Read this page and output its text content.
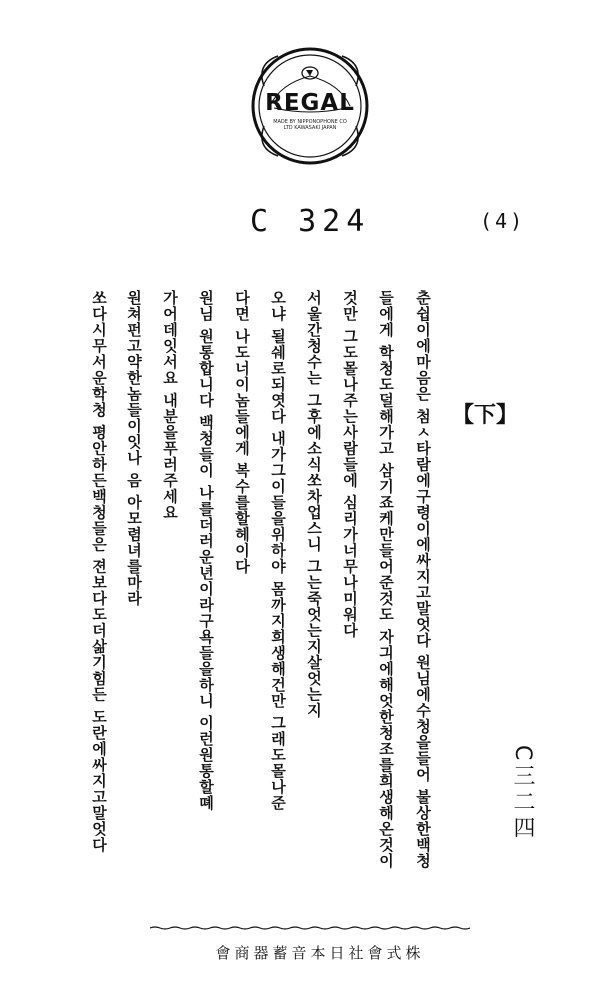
REGAL
MADE BY NIPPONOPHONE CO LTD KAWASAKI JAPAN
C 324	(4)
【下】
C三二四
춘쉽이에마음은 첨ㅅ타람에구령이에싸지고말엇다 원님에수청을들어 불상한백청
들에게 학청도덜해가고 삼기죠케만들어준것도 자긔에해엇한청조를희생해온것이
것만 그도몰나주는사람들에 심리가너무나미워다
서울간청수는 그후에소식쏘차업스니 그는죽엇는지살엇는지
오냐 될쉐로되엿다 내가그이들을위하야 몸까지희생해건만 그래도몰나준
다면 나도너이놈들에게 복수를할헤이다
원님 원통합니다 백청들이 나를더러운년이라구욕들을하니 이런원통할뗴
가어데잇서요 내분을푸러주세요
원쳐펀고약한놈들이잇나 음 아모렴녀를마라
쏘다시무서운학청 평안하든백청들은 젼보다도더삶기힘든 도란에싸지고말엇다
會商器蓄音本日社會式株
